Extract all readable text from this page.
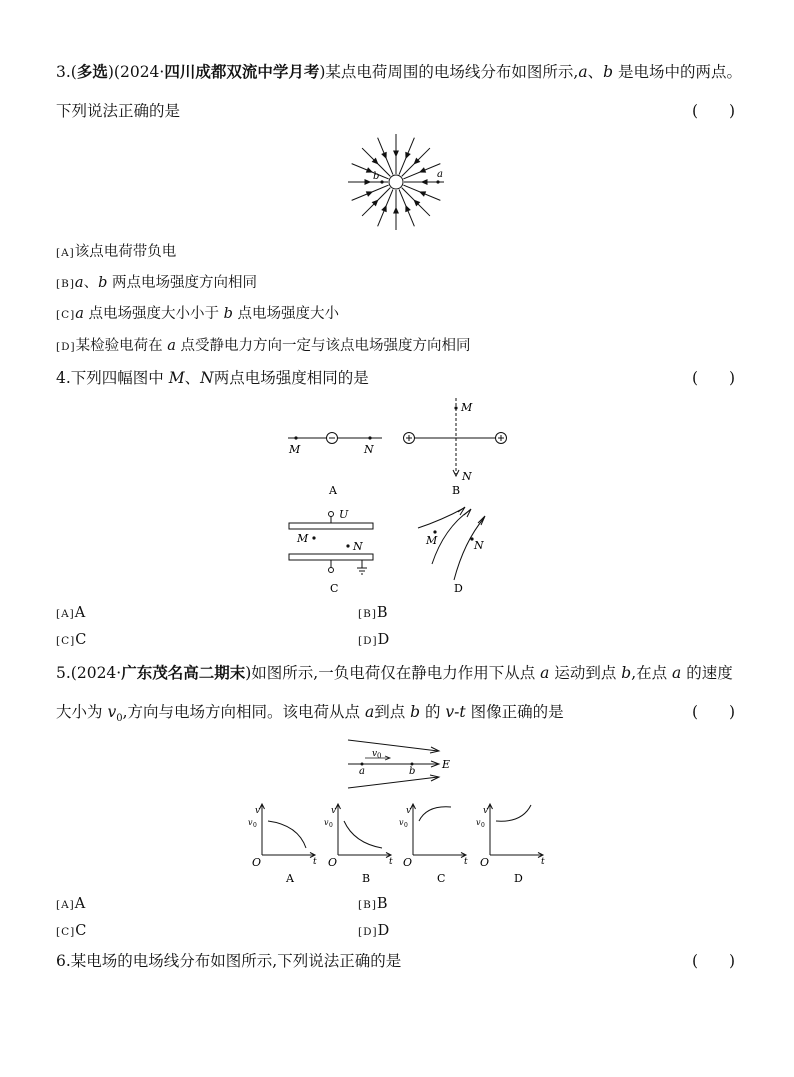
3.(多选)(2024·四川成都双流中学月考)某点电荷周围的电场线分布如图所示,a、b 是电场中的两点。
下列说法正确的是	(　　)
b	a
[A]该点电荷带负电
[B]a、b 两点电场强度方向相同
[C]a 点电场强度大小小于 b 点电场强度大小
[D]某检验电荷在 a 点受静电力方向一定与该点电场强度方向相同
4.下列四幅图中 M、N两点电场强度相同的是	(　　)
M	N
A
M
N
B
U
M
N
C
M	N
D
[A]A	[B]B
[C]C	[D]D
5.(2024·广东茂名高二期末)如图所示,一负电荷仅在静电力作用下从点 a 运动到点 b,在点 a 的速度
大小为 $v_0$,方向与电场方向相同。该电荷从点 a到点 b 的 v-t 图像正确的是	(　　)
v 0
a	b
E
v
v 0
O	t
A
v
v 0
O	t
B
v
v 0
O	t
C
v
v 0
O	t
D
[A]A	[B]B
[C]C	[D]D
6.某电场的电场线分布如图所示,下列说法正确的是	(　　)
